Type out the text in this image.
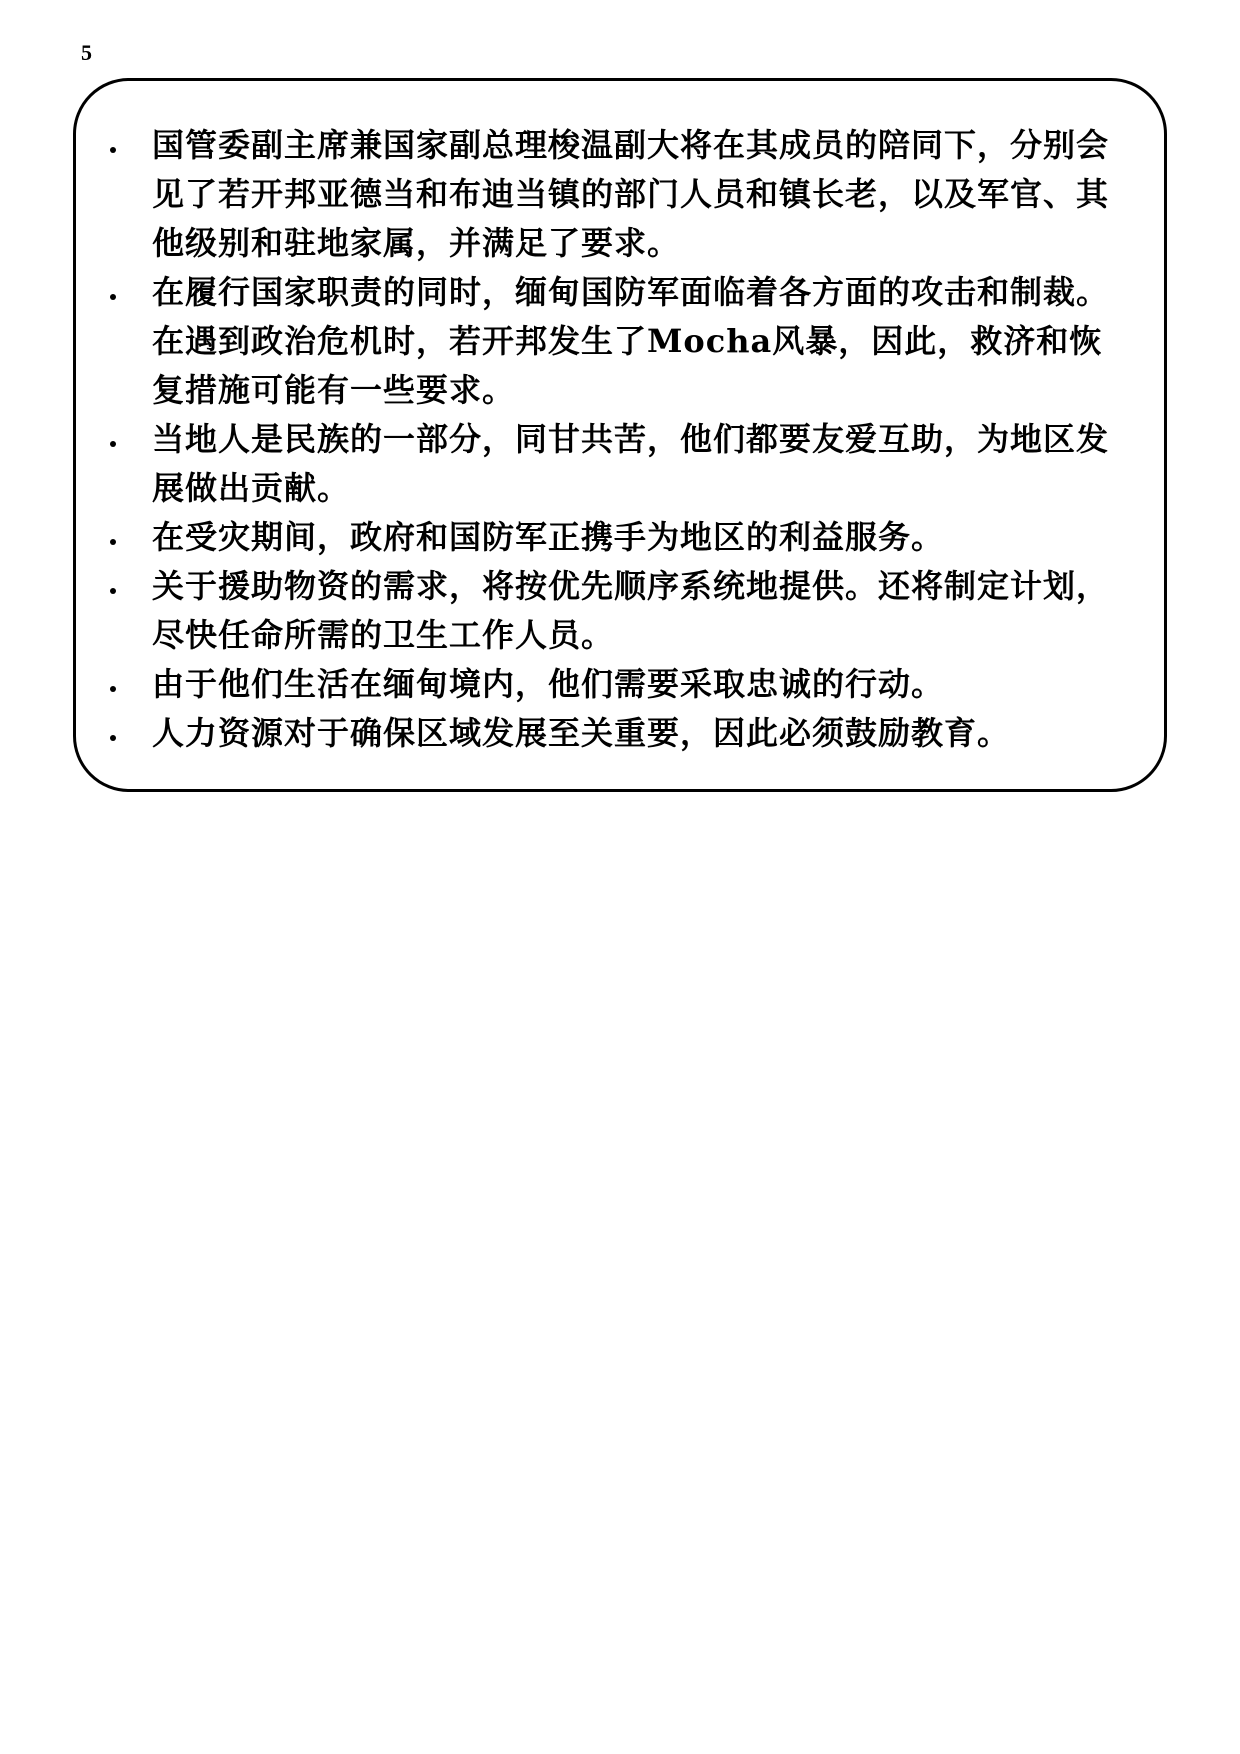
5
国管委副主席兼国家副总理梭温副大将在其成员的陪同下，分别会见了若开邦亚德当和布迪当镇的部门人员和镇长老，以及军官、其他级别和驻地家属，并满足了要求。
在履行国家职责的同时，缅甸国防军面临着各方面的攻击和制裁。在遇到政治危机时，若开邦发生了Mocha风暴，因此，救济和恢复措施可能有一些要求。
当地人是民族的一部分，同甘共苦，他们都要友爱互助，为地区发展做出贡献。
在受灾期间，政府和国防军正携手为地区的利益服务。
关于援助物资的需求，将按优先顺序系统地提供。还将制定计划，尽快任命所需的卫生工作人员。
由于他们生活在缅甸境内，他们需要采取忠诚的行动。
人力资源对于确保区域发展至关重要，因此必须鼓励教育。
